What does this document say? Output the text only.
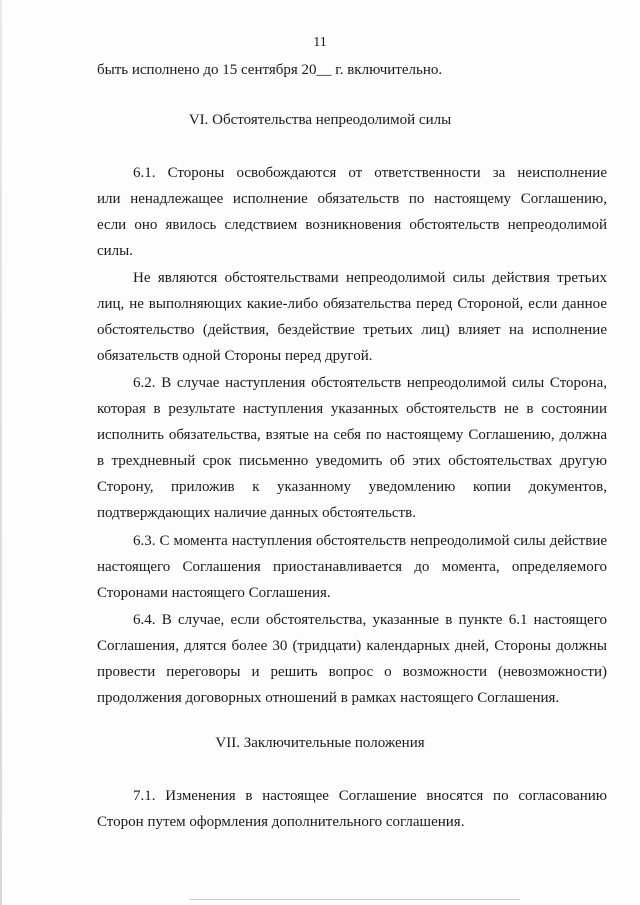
11
быть исполнено до 15 сентября 20__ г. включительно.
VI. Обстоятельства непреодолимой силы
6.1. Стороны освобождаются от ответственности за неисполнение
или ненадлежащее исполнение обязательств по настоящему Соглашению,
если оно явилось следствием возникновения обстоятельств непреодолимой
силы.
Не являются обстоятельствами непреодолимой силы действия третьих
лиц, не выполняющих какие-либо обязательства перед Стороной, если данное
обстоятельство (действия, бездействие третьих лиц) влияет на исполнение
обязательств одной Стороны перед другой.
6.2. В случае наступления обстоятельств непреодолимой силы Сторона,
которая в результате наступления указанных обстоятельств не в состоянии
исполнить обязательства, взятые на себя по настоящему Соглашению, должна
в трехдневный срок письменно уведомить об этих обстоятельствах другую
Сторону, приложив к указанному уведомлению копии документов,
подтверждающих наличие данных обстоятельств.
6.3. С момента наступления обстоятельств непреодолимой силы действие
настоящего Соглашения приостанавливается до момента, определяемого
Сторонами настоящего Соглашения.
6.4. В случае, если обстоятельства, указанные в пункте 6.1 настоящего
Соглашения, длятся более 30 (тридцати) календарных дней, Стороны должны
провести переговоры и решить вопрос о возможности (невозможности)
продолжения договорных отношений в рамках настоящего Соглашения.
VII. Заключительные положения
7.1. Изменения в настоящее Соглашение вносятся по согласованию
Сторон путем оформления дополнительного соглашения.
